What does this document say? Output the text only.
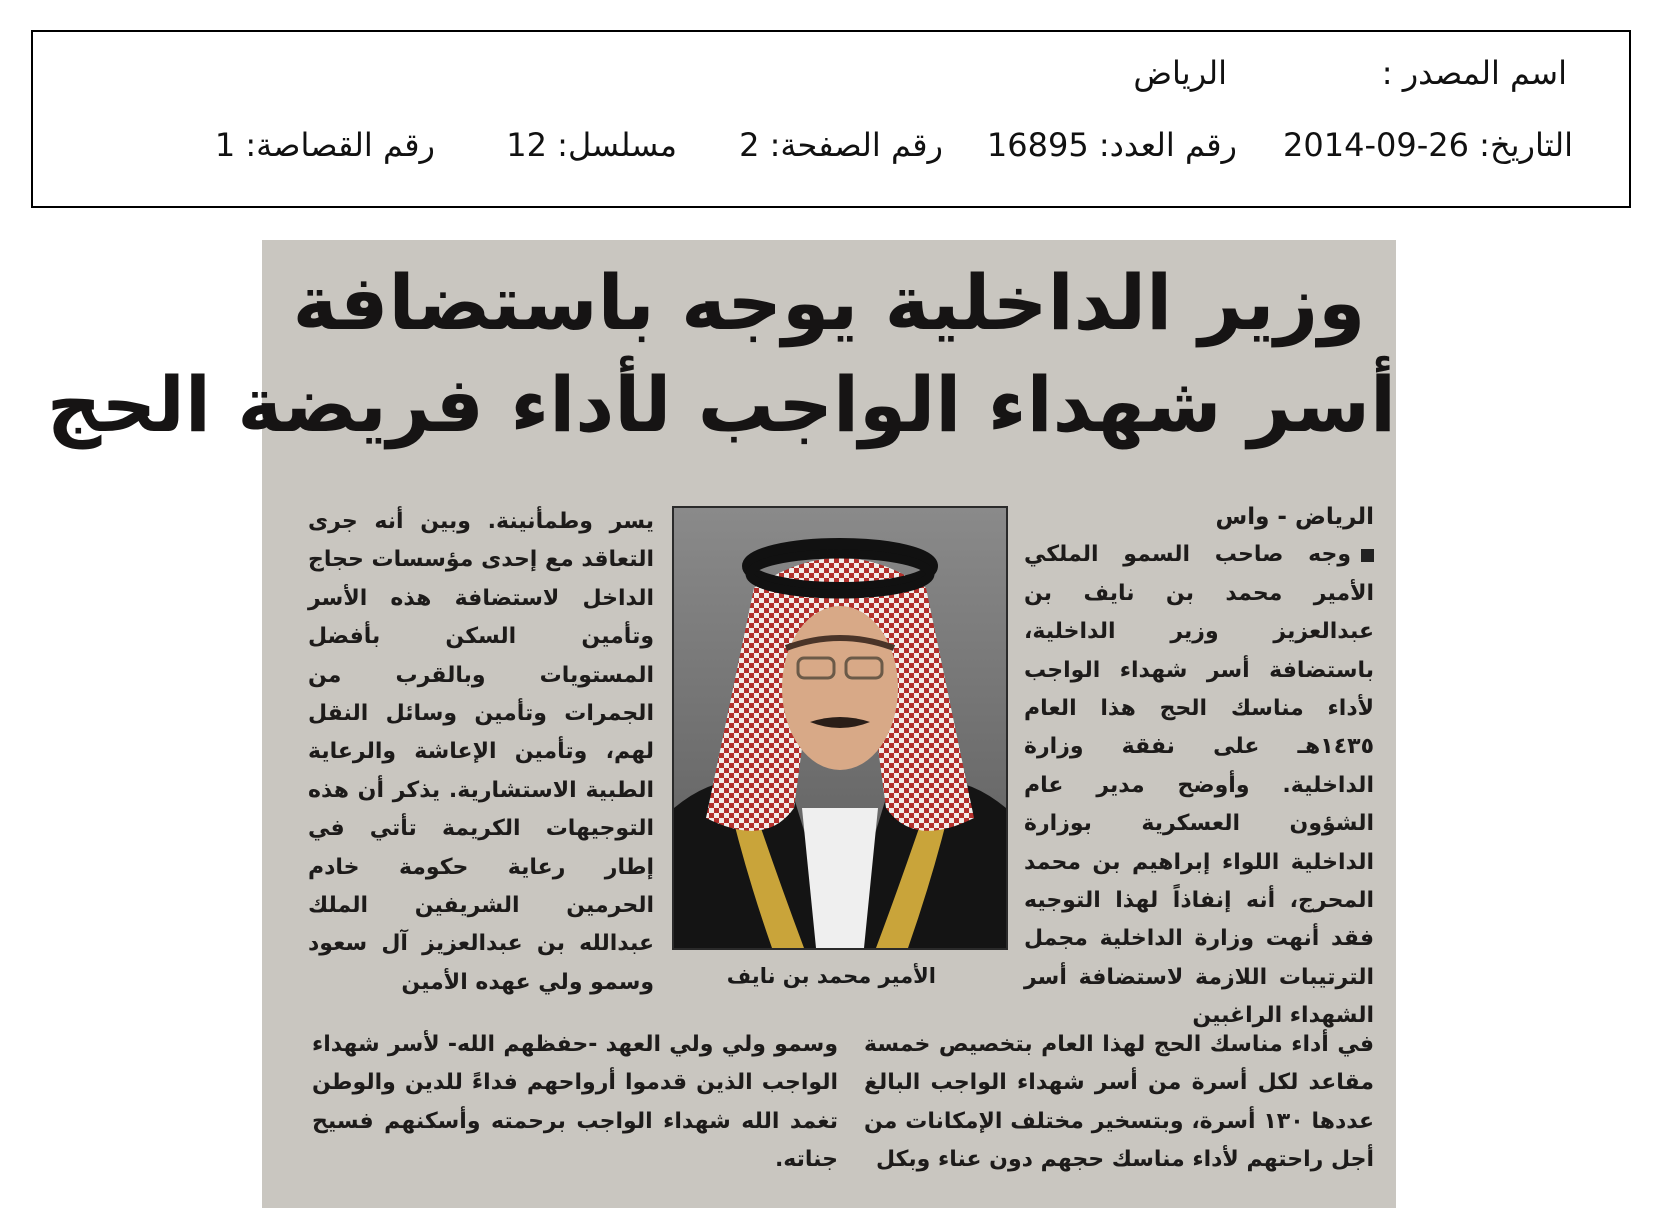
اسم المصدر :
الرياض
التاريخ: 26-09-2014
رقم العدد: 16895
رقم الصفحة: 2
مسلسل: 12
رقم القصاصة: 1
وزير الداخلية يوجه باستضافة
أسر شهداء الواجب لأداء فريضة الحج
الرياض - واس
وجه صاحب السمو الملكي الأمير محمد بن نايف بن عبدالعزيز وزير الداخلية، باستضافة أسر شهداء الواجب لأداء مناسك الحج هذا العام ١٤٣٥هـ على نفقة وزارة الداخلية. وأوضح مدير عام الشؤون العسكرية بوزارة الداخلية اللواء إبراهيم بن محمد المحرج، أنه إنفاذاً لهذا التوجيه فقد أنهت وزارة الداخلية مجمل الترتيبات اللازمة لاستضافة أسر الشهداء الراغبين
يسر وطمأنينة. وبين أنه جرى التعاقد مع إحدى مؤسسات حجاج الداخل لاستضافة هذه الأسر وتأمين السكن بأفضل المستويات وبالقرب من الجمرات وتأمين وسائل النقل لهم، وتأمين الإعاشة والرعاية الطبية الاستشارية. يذكر أن هذه التوجيهات الكريمة تأتي في إطار رعاية حكومة خادم الحرمين الشريفين الملك عبدالله بن عبدالعزيز آل سعود وسمو ولي عهده الأمين	الأمير محمد بن نايف
في أداء مناسك الحج لهذا العام بتخصيص خمسة مقاعد لكل أسرة من أسر شهداء الواجب البالغ عددها ١٣٠ أسرة، وبتسخير مختلف الإمكانات من أجل راحتهم لأداء مناسك حجهم دون عناء وبكل
وسمو ولي ولي العهد -حفظهم الله- لأسر شهداء الواجب الذين قدموا أرواحهم فداءً للدين والوطن تغمد الله شهداء الواجب برحمته وأسكنهم فسيح جناته.
